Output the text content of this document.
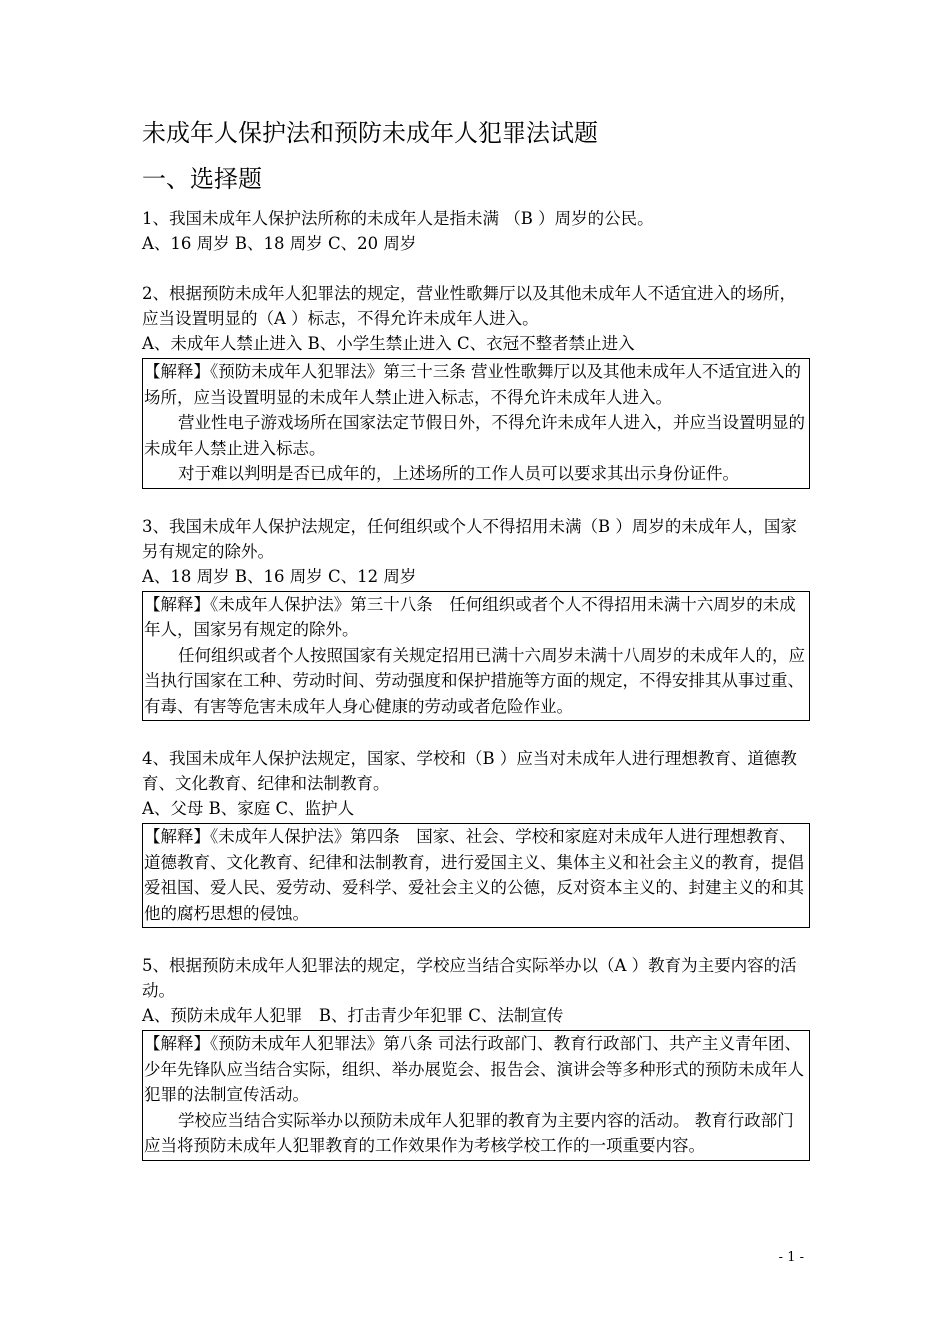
未成年人保护法和预防未成年人犯罪法试题
一、选择题

1、我国未成年人保护法所称的未成年人是指未满 （B ）周岁的公民。

A、16 周岁 B、18 周岁 C、20 周岁

2、根据预防未成年人犯罪法的规定，营业性歌舞厅以及其他未成年人不适宜进入的场所，应当设置明显的（A ）标志，不得允许未成年人进入。

A、未成年人禁止进入 B、小学生禁止进入 C、衣冠不整者禁止进入

【解释】《预防未成年人犯罪法》第三十三条 营业性歌舞厅以及其他未成年人不适宜进入的场所，应当设置明显的未成年人禁止进入标志，不得允许未成年人进入。

营业性电子游戏场所在国家法定节假日外，不得允许未成年人进入，并应当设置明显的未成年人禁止进入标志。

对于难以判明是否已成年的，上述场所的工作人员可以要求其出示身份证件。

3、我国未成年人保护法规定，任何组织或个人不得招用未满（B ）周岁的未成年人，国家另有规定的除外。

A、18 周岁 B、16 周岁 C、12 周岁

【解释】《未成年人保护法》第三十八条　任何组织或者个人不得招用未满十六周岁的未成年人，国家另有规定的除外。

任何组织或者个人按照国家有关规定招用已满十六周岁未满十八周岁的未成年人的，应当执行国家在工种、劳动时间、劳动强度和保护措施等方面的规定，不得安排其从事过重、有毒、有害等危害未成年人身心健康的劳动或者危险作业。

4、我国未成年人保护法规定，国家、学校和（B ）应当对未成年人进行理想教育、道德教育、文化教育、纪律和法制教育。

A、父母 B、家庭 C、监护人

【解释】《未成年人保护法》第四条　国家、社会、学校和家庭对未成年人进行理想教育、道德教育、文化教育、纪律和法制教育，进行爱国主义、集体主义和社会主义的教育，提倡爱祖国、爱人民、爱劳动、爱科学、爱社会主义的公德，反对资本主义的、封建主义的和其他的腐朽思想的侵蚀。

5、根据预防未成年人犯罪法的规定，学校应当结合实际举办以（A ）教育为主要内容的活动。

A、预防未成年人犯罪　B、打击青少年犯罪 C、法制宣传

【解释】《预防未成年人犯罪法》第八条 司法行政部门、教育行政部门、共产主义青年团、少年先锋队应当结合实际，组织、举办展览会、报告会、演讲会等多种形式的预防未成年人犯罪的法制宣传活动。

学校应当结合实际举办以预防未成年人犯罪的教育为主要内容的活动。 教育行政部门应当将预防未成年人犯罪教育的工作效果作为考核学校工作的一项重要内容。

- 1 -
